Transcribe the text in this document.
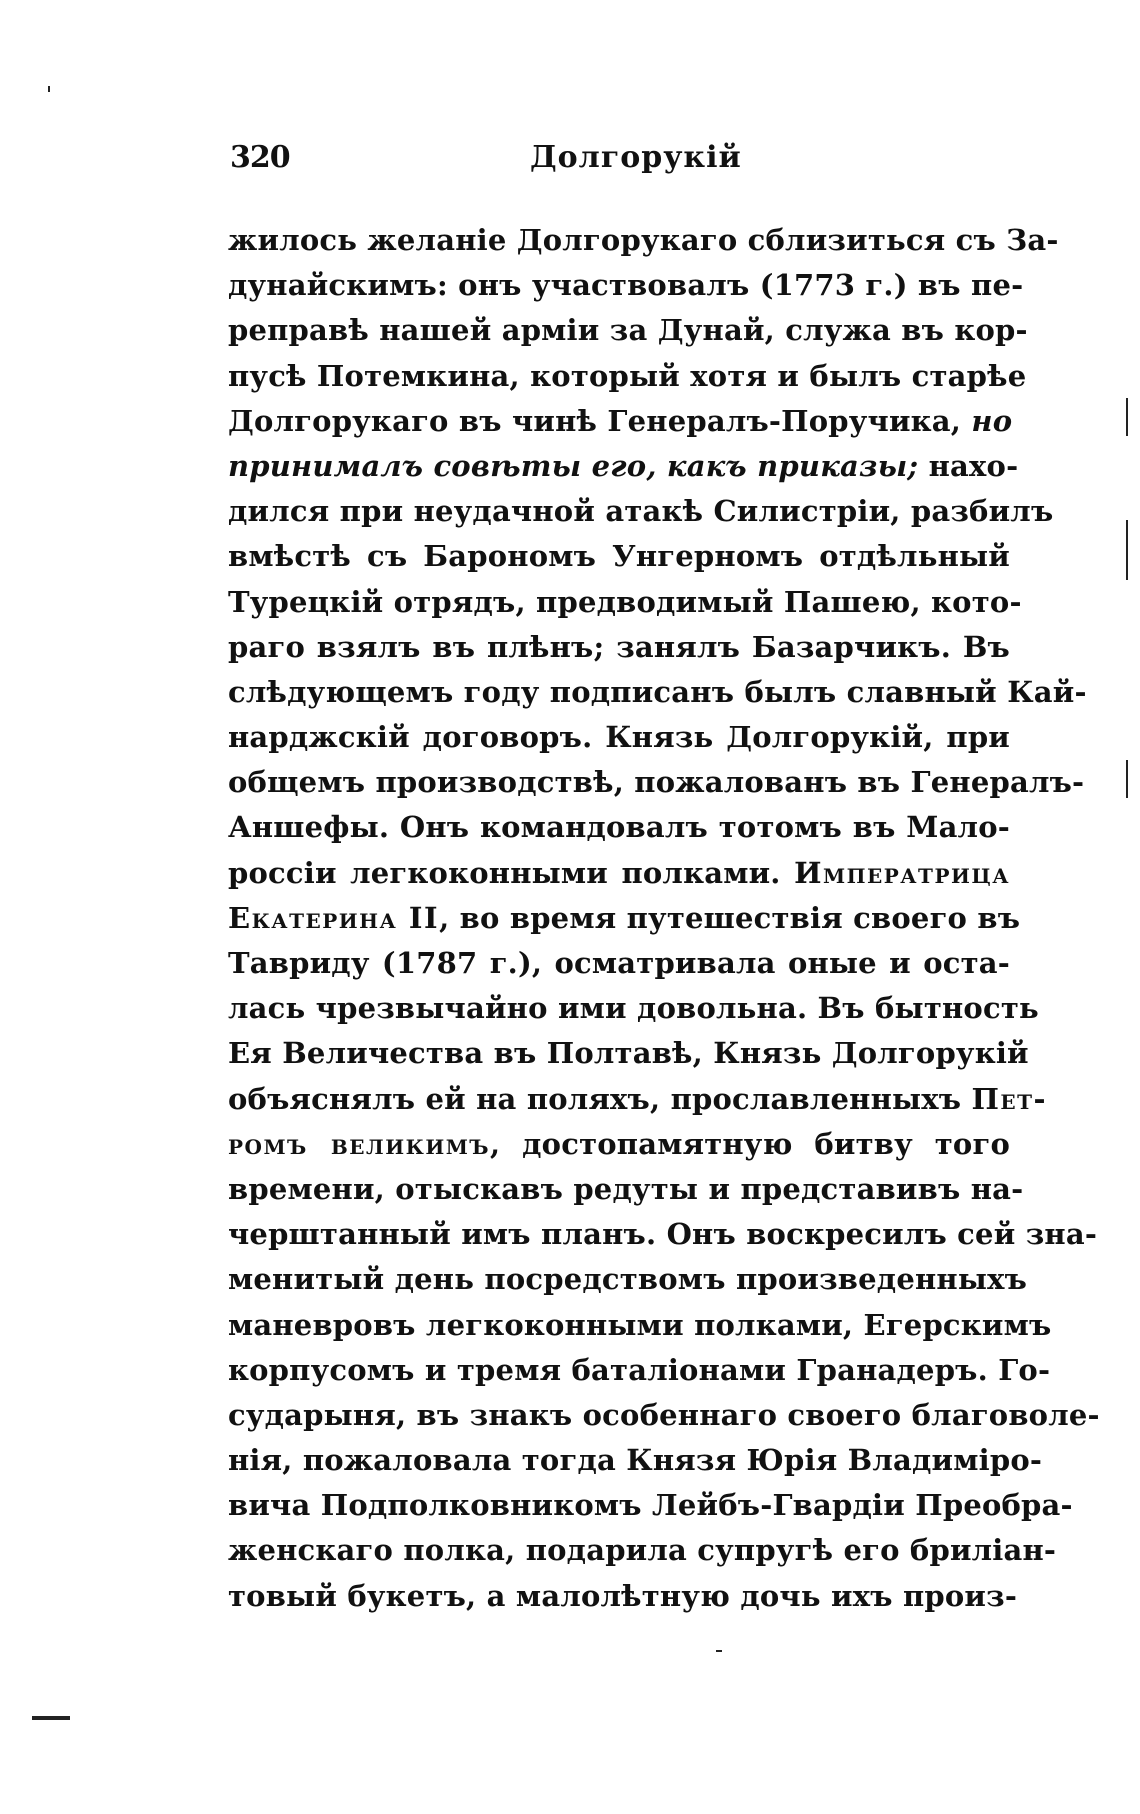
320	Долгорукій
жилось желаніе Долгорукаго сблизиться съ За-
дунайскимъ: онъ участвовалъ (1773 г.) въ пе-
реправѣ нашей арміи за Дунай, служа въ кор-
пусѣ Потемкина, который хотя и былъ старѣе
Долгорукаго въ чинѣ Генералъ-Поручика, но
принималъ совѣты его, какъ приказы; нахо-
дился при неудачной атакѣ Силистріи, разбилъ
вмѣстѣ съ Барономъ Унгерномъ отдѣльный
Турецкій отрядъ, предводимый Пашею, кото-
раго взялъ въ плѣнъ; занялъ Базарчикъ. Въ
слѣдующемъ году подписанъ былъ славный Кай-
нарджскій договоръ. Князь Долгорукій, при
общемъ производствѣ, пожалованъ въ Генералъ-
Аншефы. Онъ командовалъ тотомъ въ Мало-
россіи легкоконными полками. Императрица
Екатерина II, во время путешествія своего въ
Тавриду (1787 г.), осматривала оные и оста-
лась чрезвычайно ими довольна. Въ бытность
Ея Величества въ Полтавѣ, Князь Долгорукій
объяснялъ ей на поляхъ, прославленныхъ Пет-
ромъ великимъ, достопамятную битву того
времени, отыскавъ редуты и представивъ на-
черштанный имъ планъ. Онъ воскресилъ сей зна-
менитый день посредствомъ произведенныхъ
маневровъ легкоконными полками, Егерскимъ
корпусомъ и тремя баталіонами Гранадеръ. Го-
сударыня, въ знакъ особеннаго своего благоволе-
нія, пожаловала тогда Князя Юрія Владиміро-
вича Подполковникомъ Лейбъ-Гвардіи Преобра-
женскаго полка, подарила супругѣ его бриліан-
товый букетъ, а малолѣтную дочь ихъ произ-
